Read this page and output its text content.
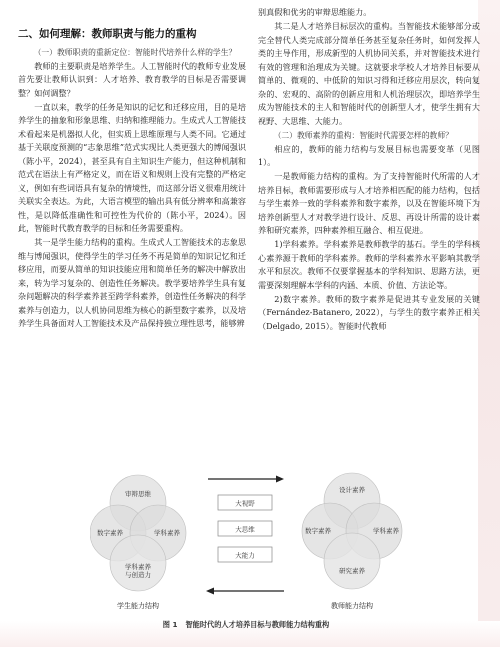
二、如何理解：教师职责与能力的重构

（一）教师职责的重新定位：智能时代培养什么样的学生？

教师的主要职责是培养学生。人工智能时代的教师专业发展首先要让教师认识到：人才培养、教育教学的目标是否需要调整？如何调整？

一直以来，教学的任务是知识的记忆和迁移应用，目的是培养学生的抽象和形象思维、归纳和推理能力。生成式人工智能技术看起来是机器拟人化，但实质上思维原理与人类不同。它通过基于关联度预测的“志象思维”范式实现比人类更强大的博闻强识（陈小平，2024），甚至具有自主知识生产能力，但这种机制和范式在语法上有严格定义，而在语义和规则上没有完整的严格定义，例如有些词语具有复杂的情境性，而这部分语义很难用统计关联实全表达。为此，大语言模型的输出具有低分辨率和高兼容性，是以降低准确性和可控性为代价的（陈小平，2024）。因此，智能时代教育教学的目标和任务需要重构。

其一是学生能力结构的重构。生成式人工智能技术的志象思维与博闻强识，使得学生的学习任务不再是简单的知识记忆和迁移应用，而要从简单的知识技能应用和简单任务的解决中解放出来，转为学习复杂的、创造性任务解决。教学要培养学生具有复杂问题解决的科学素养甚至跨学科素养，创造性任务解决的科学素养与创造力，以人机协同思维为核心的新型数字素养，以及培养学生具备面对人工智能技术及产品保持独立理性思考，能够辨

别真假和优劣的审辩思维能力。

其二是人才培养目标层次的重构。当智能技术能够部分或完全替代人类完成部分简单任务甚至复杂任务时，如何发挥人类的主导作用，形成新型的人机协同关系，并对智能技术进行有效的管理和治理成为关键。这就要求学校人才培养目标要从简单的、微观的、中低阶的知识习得和迁移应用层次，转向复杂的、宏观的、高阶的创新应用和人机治理层次，即培养学生成为智能技术的主人和智能时代的创新型人才，使学生拥有大视野、大思维、大能力。

（二）教师素养的重构：智能时代需要怎样的教师？

相应的，教师的能力结构与发展目标也需要变革（见图1）。

一是教师能力结构的重构。为了支持智能时代所需的人才培养目标，教师需要形成与人才培养相匹配的能力结构，包括与学生素养一致的学科素养和数字素养，以及在智能环境下为培养创新型人才对教学进行设计、反思、再设计所需的设计素养和研究素养，四种素养相互融合、相互促进。

1)学科素养。学科素养是教师教学的基石。学生的学科核心素养源于教师的学科素养。教师的学科素养水平影响其教学水平和层次。教师不仅要掌握基本的学科知识、思路方法，更需要深刻理解本学科的内涵、本质、价值、方法论等。

2)数字素养。教师的数字素养是促进其专业发展的关键（Fernández-Batanero, 2022），与学生的数字素养正相关（Delgado, 2015）。智能时代教师

审辩思维
数字素养	学科素养
学科素养与创造力
学生能力结构
大视野
大思维
大能力
设计素养
数字素养	学科素养
研究素养
教师能力结构
图 1 智能时代的人才培养目标与教师能力结构重构
